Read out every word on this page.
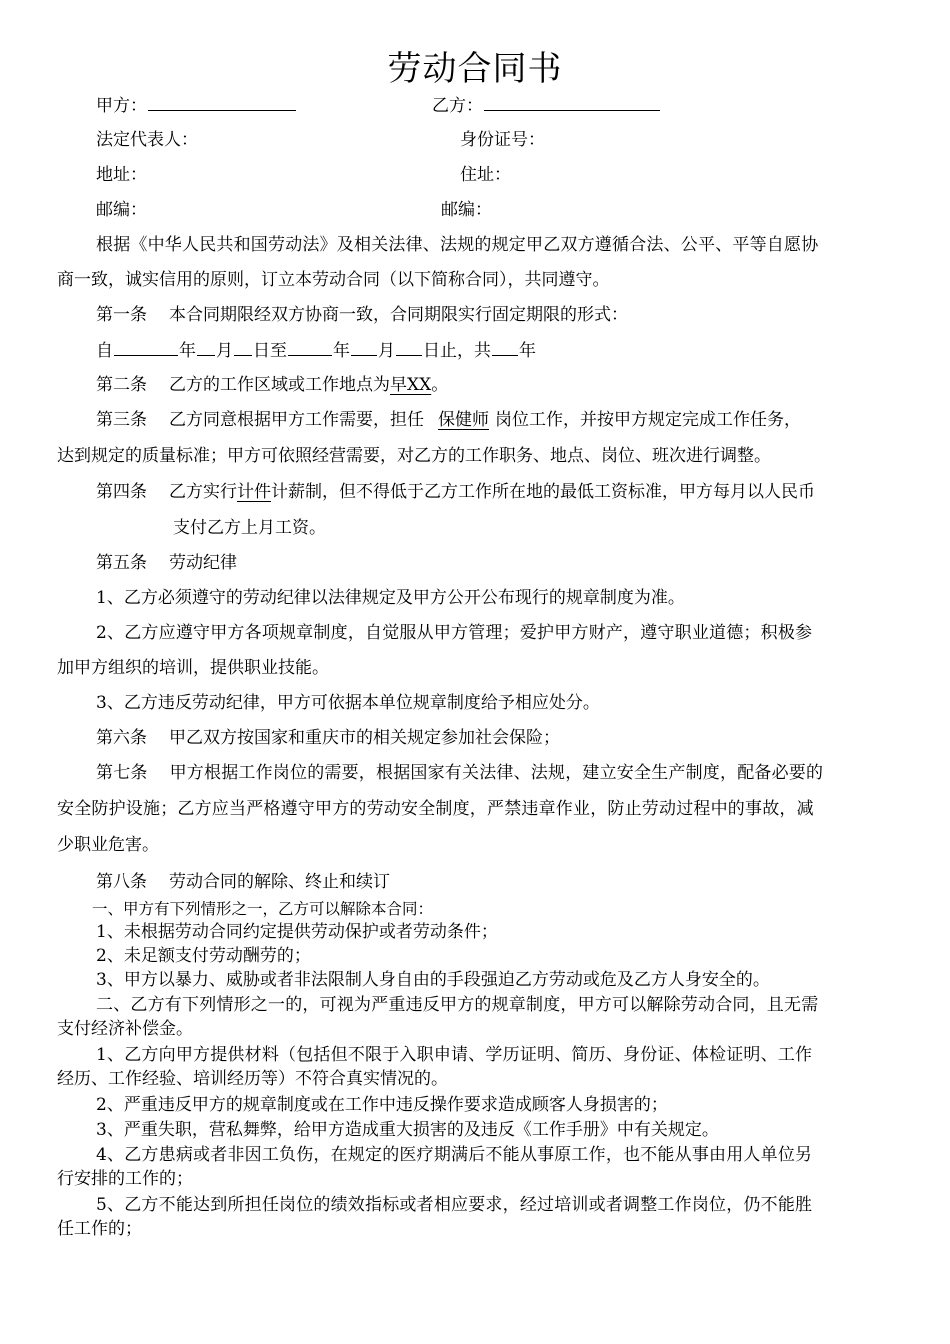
劳动合同书
甲方：	乙方：
法定代表人：	身份证号：
地址：	住址：
邮编：	邮编：
根据《中华人民共和国劳动法》及相关法律、法规的规定甲乙双方遵循合法、公平、平等自愿协
商一致，诚实信用的原则，订立本劳动合同（以下简称合同），共同遵守。
第一条 本合同期限经双方协商一致，合同期限实行固定期限的形式：
自	年 月 日至	年 月 日止，共 年
第二条 乙方的工作区域或工作地点为早XX。
第三条 乙方同意根据甲方工作需要，担任 保健师 岗位工作，并按甲方规定完成工作任务，
达到规定的质量标准；甲方可依照经营需要，对乙方的工作职务、地点、岗位、班次进行调整。
第四条 乙方实行计件计薪制，但不得低于乙方工作所在地的最低工资标准，甲方每月以人民币
支付乙方上月工资。
第五条 劳动纪律
1、乙方必须遵守的劳动纪律以法律规定及甲方公开公布现行的规章制度为准。
2、乙方应遵守甲方各项规章制度，自觉服从甲方管理；爱护甲方财产，遵守职业道德；积极参
加甲方组织的培训，提供职业技能。
3、乙方违反劳动纪律，甲方可依据本单位规章制度给予相应处分。
第六条 甲乙双方按国家和重庆市的相关规定参加社会保险；
第七条 甲方根据工作岗位的需要，根据国家有关法律、法规，建立安全生产制度，配备必要的
安全防护设施；乙方应当严格遵守甲方的劳动安全制度，严禁违章作业，防止劳动过程中的事故，减
少职业危害。
第八条 劳动合同的解除、终止和续订
一、甲方有下列情形之一，乙方可以解除本合同：
1、未根据劳动合同约定提供劳动保护或者劳动条件；
2、未足额支付劳动酬劳的；
3、甲方以暴力、威胁或者非法限制人身自由的手段强迫乙方劳动或危及乙方人身安全的。
二、乙方有下列情形之一的，可视为严重违反甲方的规章制度，甲方可以解除劳动合同，且无需
支付经济补偿金。
1、乙方向甲方提供材料（包括但不限于入职申请、学历证明、简历、身份证、体检证明、工作
经历、工作经验、培训经历等）不符合真实情况的。
2、严重违反甲方的规章制度或在工作中违反操作要求造成顾客人身损害的；
3、严重失职，营私舞弊，给甲方造成重大损害的及违反《工作手册》中有关规定。
4、乙方患病或者非因工负伤，在规定的医疗期满后不能从事原工作，也不能从事由用人单位另
行安排的工作的；
5、乙方不能达到所担任岗位的绩效指标或者相应要求，经过培训或者调整工作岗位，仍不能胜
任工作的；
